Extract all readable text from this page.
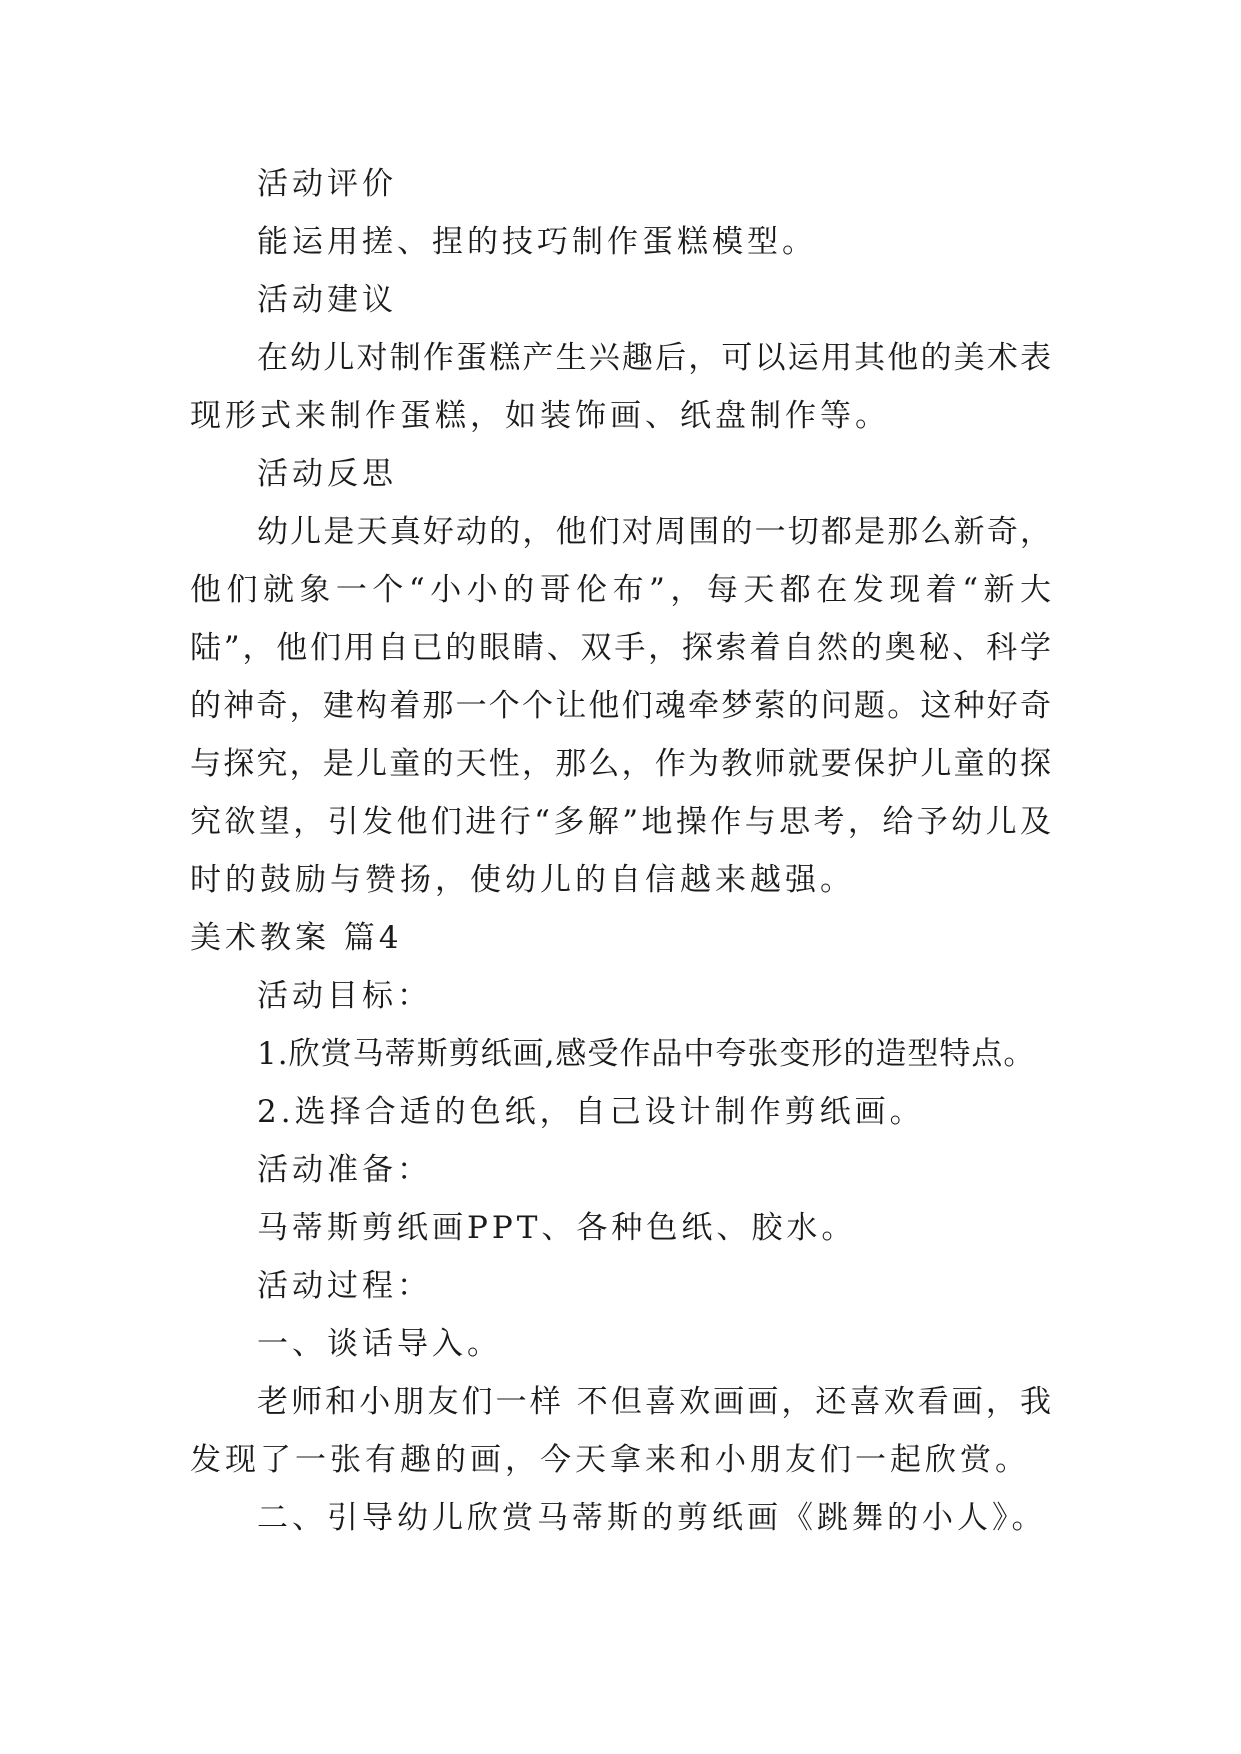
活动评价

能运用搓、捏的技巧制作蛋糕模型。

活动建议

在幼儿对制作蛋糕产生兴趣后，可以运用其他的美术表

现形式来制作蛋糕，如装饰画、纸盘制作等。

活动反思

幼儿是天真好动的，他们对周围的一切都是那么新奇，

他们就象一个“小小的哥伦布”，每天都在发现着“新大

陆”，他们用自已的眼睛、双手，探索着自然的奥秘、科学

的神奇，建构着那一个个让他们魂牵梦萦的问题。这种好奇

与探究，是儿童的天性，那么，作为教师就要保护儿童的探

究欲望，引发他们进行“多解”地操作与思考，给予幼儿及

时的鼓励与赞扬，使幼儿的自信越来越强。

美术教案 篇4

活动目标：

1.欣赏马蒂斯剪纸画,感受作品中夸张变形的造型特点。

2.选择合适的色纸，自己设计制作剪纸画。

活动准备：

马蒂斯剪纸画PPT、各种色纸、胶水。

活动过程：

一、谈话导入。

老师和小朋友们一样 不但喜欢画画，还喜欢看画，我

发现了一张有趣的画，今天拿来和小朋友们一起欣赏。

二、引导幼儿欣赏马蒂斯的剪纸画《跳舞的小人》。
